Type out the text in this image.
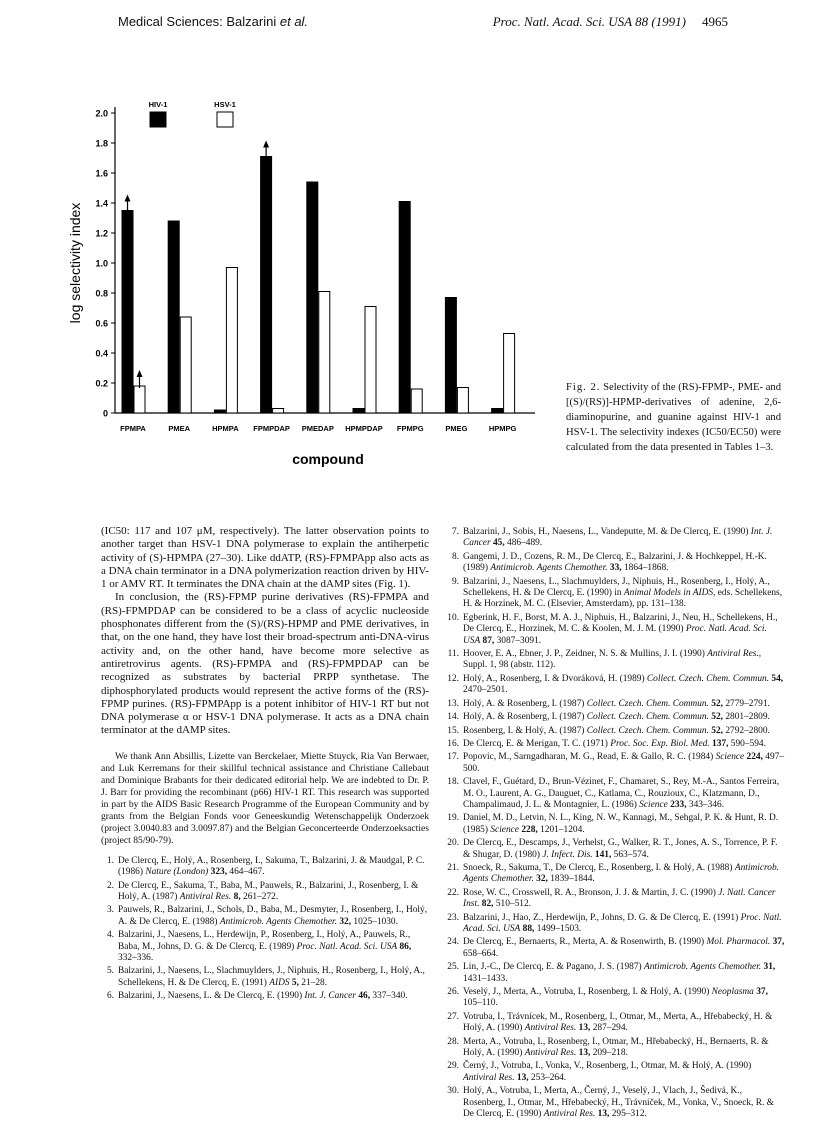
Medical Sciences: Balzarini et al.	Proc. Natl. Acad. Sci. USA 88 (1991) 4965
0
0.2
0.4
0.6
0.8
1.0
1.2
1.4
1.6
1.8
2.0
log selectivity index
compound
FPMPA	PMEA	HPMPA FPMPDAP PMEDAP HPMPDAP FPMPG	PMEG	HPMPG
HIV-1	HSV-1
Fig. 2. Selectivity of the (RS)-FPMP-, PME- and [(S)/(RS)]-HPMP-derivatives of adenine, 2,6-diaminopurine, and guanine against HIV-1 and HSV-1. The selectivity indexes (IC50/EC50) were calculated from the data presented in Tables 1–3.

(IC50: 117 and 107 μM, respectively). The latter observation points to another target than HSV-1 DNA polymerase to explain the antiherpetic activity of (S)-HPMPA (27–30). Like ddATP, (RS)-FPMPApp also acts as a DNA chain terminator in a DNA polymerization reaction driven by HIV-1 or AMV RT. It terminates the DNA chain at the dAMP sites (Fig. 1).

In conclusion, the (RS)-FPMP purine derivatives (RS)-FPMPA and (RS)-FPMPDAP can be considered to be a class of acyclic nucleoside phosphonates different from the (S)/(RS)-HPMP and PME derivatives, in that, on the one hand, they have lost their broad-spectrum anti-DNA-virus activity and, on the other hand, have become more selective as antiretrovirus agents. (RS)-FPMPA and (RS)-FPMPDAP can be recognized as substrates by bacterial PRPP synthetase. The diphosphorylated products would represent the active forms of the (RS)-FPMP purines. (RS)-FPMPApp is a potent inhibitor of HIV-1 RT but not DNA polymerase α or HSV-1 DNA polymerase. It acts as a DNA chain terminator at the dAMP sites.

We thank Ann Absillis, Lizette van Berckelaer, Miette Stuyck, Ria Van Berwaer, and Luk Kerremans for their skillful technical assistance and Christiane Callebaut and Dominique Brabants for their dedicated editorial help. We are indebted to Dr. P. J. Barr for providing the recombinant (p66) HIV-1 RT. This research was supported in part by the AIDS Basic Research Programme of the European Community and by grants from the Belgian Fonds voor Geneeskundig Wetenschappelijk Onderzoek (project 3.0040.83 and 3.0097.87) and the Belgian Geconcerteerde Onderzoeksacties (project 85/90-79).

1. De Clercq, E., Holý, A., Rosenberg, I., Sakuma, T., Balzarini, J. & Maudgal, P. C. (1986) Nature (London) 323, 464–467.
2. De Clercq, E., Sakuma, T., Baba, M., Pauwels, R., Balzarini, J., Rosenberg, I. & Holý, A. (1987) Antiviral Res. 8, 261–272.
3. Pauwels, R., Balzarini, J., Schols, D., Baba, M., Desmyter, J., Rosenberg, I., Holý, A. & De Clercq, E. (1988) Antimicrob. Agents Chemother. 32, 1025–1030.
4. Balzarini, J., Naesens, L., Herdewijn, P., Rosenberg, I., Holý, A., Pauwels, R., Baba, M., Johns, D. G. & De Clercq, E. (1989) Proc. Natl. Acad. Sci. USA 86, 332–336.
5. Balzarini, J., Naesens, L., Slachmuylders, J., Niphuis, H., Rosenberg, I., Holý, A., Schellekens, H. & De Clercq, E. (1991) AIDS 5, 21–28.
6. Balzarini, J., Naesens, L. & De Clercq, E. (1990) Int. J. Cancer 46, 337–340.
7. Balzarini, J., Sobis, H., Naesens, L., Vandeputte, M. & De Clercq, E. (1990) Int. J. Cancer 45, 486–489.
8. Gangemi, J. D., Cozens, R. M., De Clercq, E., Balzarini, J. & Hochkeppel, H.-K. (1989) Antimicrob. Agents Chemother. 33, 1864–1868.
9. Balzarini, J., Naesens, L., Slachmuylders, J., Niphuis, H., Rosenberg, I., Holý, A., Schellekens, H. & De Clercq, E. (1990) in Animal Models in AIDS, eds. Schellekens, H. & Horzinek, M. C. (Elsevier, Amsterdam), pp. 131–138.
10. Egberink, H. F., Borst, M. A. J., Niphuis, H., Balzarini, J., Neu, H., Schellekens, H., De Clercq, E., Horzinek, M. C. & Koolen, M. J. M. (1990) Proc. Natl. Acad. Sci. USA 87, 3087–3091.
11. Hoover, E. A., Ebner, J. P., Zeidner, N. S. & Mullins, J. I. (1990) Antiviral Res., Suppl. 1, 98 (abstr. 112).
12. Holý, A., Rosenberg, I. & Dvoráková, H. (1989) Collect. Czech. Chem. Commun. 54, 2470–2501.
13. Holý, A. & Rosenberg, I. (1987) Collect. Czech. Chem. Commun. 52, 2779–2791.
14. Holý, A. & Rosenberg, I. (1987) Collect. Czech. Chem. Commun. 52, 2801–2809.
15. Rosenberg, I. & Holý, A. (1987) Collect. Czech. Chem. Commun. 52, 2792–2800.
16. De Clercq, E. & Merigan, T. C. (1971) Proc. Soc. Exp. Biol. Med. 137, 590–594.
17. Popovic, M., Sarngadharan, M. G., Read, E. & Gallo, R. C. (1984) Science 224, 497–500.
18. Clavel, F., Guétard, D., Brun-Vézinet, F., Chamaret, S., Rey, M.-A., Santos Ferreira, M. O., Laurent, A. G., Dauguet, C., Katlama, C., Rouzioux, C., Klatzmann, D., Champalimaud, J. L. & Montagnier, L. (1986) Science 233, 343–346.
19. Daniel, M. D., Letvin, N. L., King, N. W., Kannagi, M., Sehgal, P. K. & Hunt, R. D. (1985) Science 228, 1201–1204.
20. De Clercq, E., Descamps, J., Verhelst, G., Walker, R. T., Jones, A. S., Torrence, P. F. & Shugar, D. (1980) J. Infect. Dis. 141, 563–574.
21. Snoeck, R., Sakuma, T., De Clercq, E., Rosenberg, I. & Holý, A. (1988) Antimicrob. Agents Chemother. 32, 1839–1844.
22. Rose, W. C., Crosswell, R. A., Bronson, J. J. & Martin, J. C. (1990) J. Natl. Cancer Inst. 82, 510–512.
23. Balzarini, J., Hao, Z., Herdewijn, P., Johns, D. G. & De Clercq, E. (1991) Proc. Natl. Acad. Sci. USA 88, 1499–1503.
24. De Clercq, E., Bernaerts, R., Merta, A. & Rosenwirth, B. (1990) Mol. Pharmacol. 37, 658–664.
25. Lin, J.-C., De Clercq, E. & Pagano, J. S. (1987) Antimicrob. Agents Chemother. 31, 1431–1433.
26. Veselý, J., Merta, A., Votruba, I., Rosenberg, I. & Holý, A. (1990) Neoplasma 37, 105–110.
27. Votruba, I., Trávnícek, M., Rosenberg, I., Otmar, M., Merta, A., Hřebabecký, H. & Holý, A. (1990) Antiviral Res. 13, 287–294.
28. Merta, A., Votruba, I., Rosenberg, I., Otmar, M., Hřebabecký, H., Bernaerts, R. & Holý, A. (1990) Antiviral Res. 13, 209–218.
29. Černý, J., Votruba, I., Vonka, V., Rosenberg, I., Otmar, M. & Holý, A. (1990) Antiviral Res. 13, 253–264.
30. Holý, A., Votruba, I., Merta, A., Černý, J., Veselý, J., Vlach, J., Šedivá, K., Rosenberg, I., Otmar, M., Hřebabecký, H., Trávníček, M., Vonka, V., Snoeck, R. & De Clercq, E. (1990) Antiviral Res. 13, 295–312.
